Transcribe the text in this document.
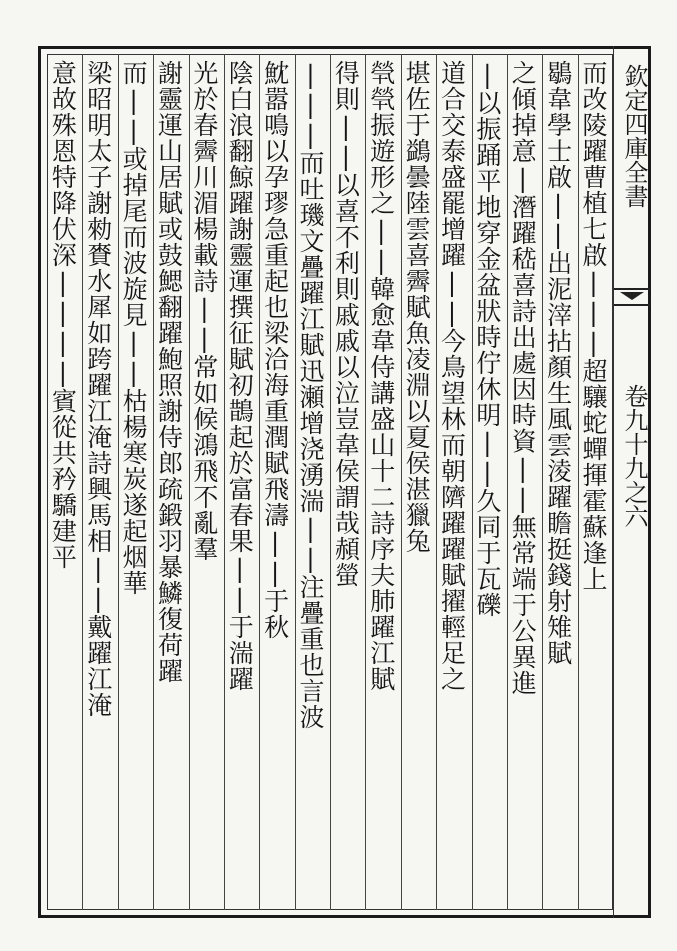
欽定四庫全書
卷九十九之六
而改陵躍曹植七啟|||超驤蛇蟬揮霍蘇逢上
鶡韋學士啟||出泥滓拈顏生風雲淩躍瞻挺錢射雉賦
之傾掉意|潛躍嵇喜詩出處因時資||無常端于公異進
|以振踊平地穿金盆狀時佇休明||久同于瓦礫
道合交泰盛罷增躍||今鳥望林而朝隮躍躍賦擢輕足之
堪佐于鷁曇陸雲喜霽賦魚凌淵以夏侯湛獵兔
煢煢振遊形之||韓愈韋侍講盛山十二詩序夫肺躍江賦
得則||以喜不利則戚戚以泣豈韋侯謂哉頳螢
|||而吐璣文疊躍江賦迅瀬增浇湧湍||注疊重也言波
魫嚣鳴以孕璆急重起也梁洽海重潤賦飛濤||于秋
陰白浪翻鯨躍謝靈運撰征賦初鵲起於富春果||于湍躍
光於春霽川湄楊載詩||常如候鴻飛不亂羣
謝靈運山居賦或鼓鰓翻躍鮑照謝侍郎疏鍛羽暴鱗復荷躍
而||或掉尾而波旋見||枯楊寒炭遂起烟華
梁昭明太子謝勑賚水犀如跨躍江淹詩興馬相||戴躍江淹
意故殊恩特降伏深||||賓從共矜驕建平
